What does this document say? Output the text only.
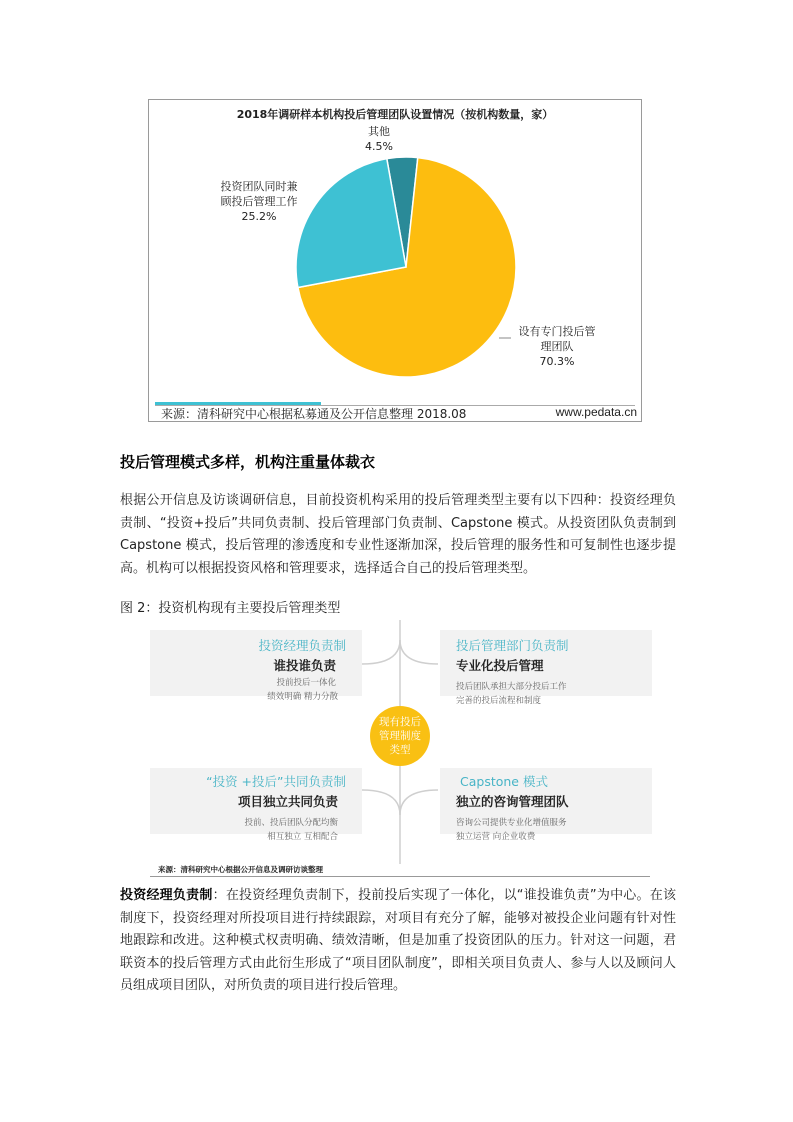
2018年调研样本机构投后管理团队设置情况（按机构数量，家）
设有专门投后管
理团队
70.3%
投资团队同时兼
顾投后管理工作
25.2%
其他
4.5%
来源：清科研究中心根据私募通及公开信息整理 2018.08	www.pedata.cn
投后管理模式多样，机构注重量体裁衣
根据公开信息及访谈调研信息，目前投资机构采用的投后管理类型主要有以下四种：投资经理负责制、“投资+投后”共同负责制、投后管理部门负责制、Capstone 模式。从投资团队负责制到 Capstone 模式，投后管理的渗透度和专业性逐渐加深，投后管理的服务性和可复制性也逐步提高。机构可以根据投资风格和管理要求，选择适合自己的投后管理类型。
图 2：投资机构现有主要投后管理类型
投资经理负责制
谁投谁负责
投前投后一体化
绩效明确 精力分散
投后管理部门负责制
专业化投后管理
投后团队承担大部分投后工作
完善的投后流程和制度
“投资 +投后”共同负责制
项目独立共同负责
投前、投后团队分配均衡
相互独立 互相配合
Capstone 模式
独立的咨询管理团队
咨询公司提供专业化增值服务
独立运营 向企业收费
现有投后
管理制度
类型
来源：清科研究中心根据公开信息及调研访谈整理
投资经理负责制：在投资经理负责制下，投前投后实现了一体化，以“谁投谁负责”为中心。在该制度下，投资经理对所投项目进行持续跟踪，对项目有充分了解，能够对被投企业问题有针对性地跟踪和改进。这种模式权责明确、绩效清晰，但是加重了投资团队的压力。针对这一问题，君联资本的投后管理方式由此衍生形成了“项目团队制度”，即相关项目负责人、参与人以及顾问人员组成项目团队，对所负责的项目进行投后管理。
